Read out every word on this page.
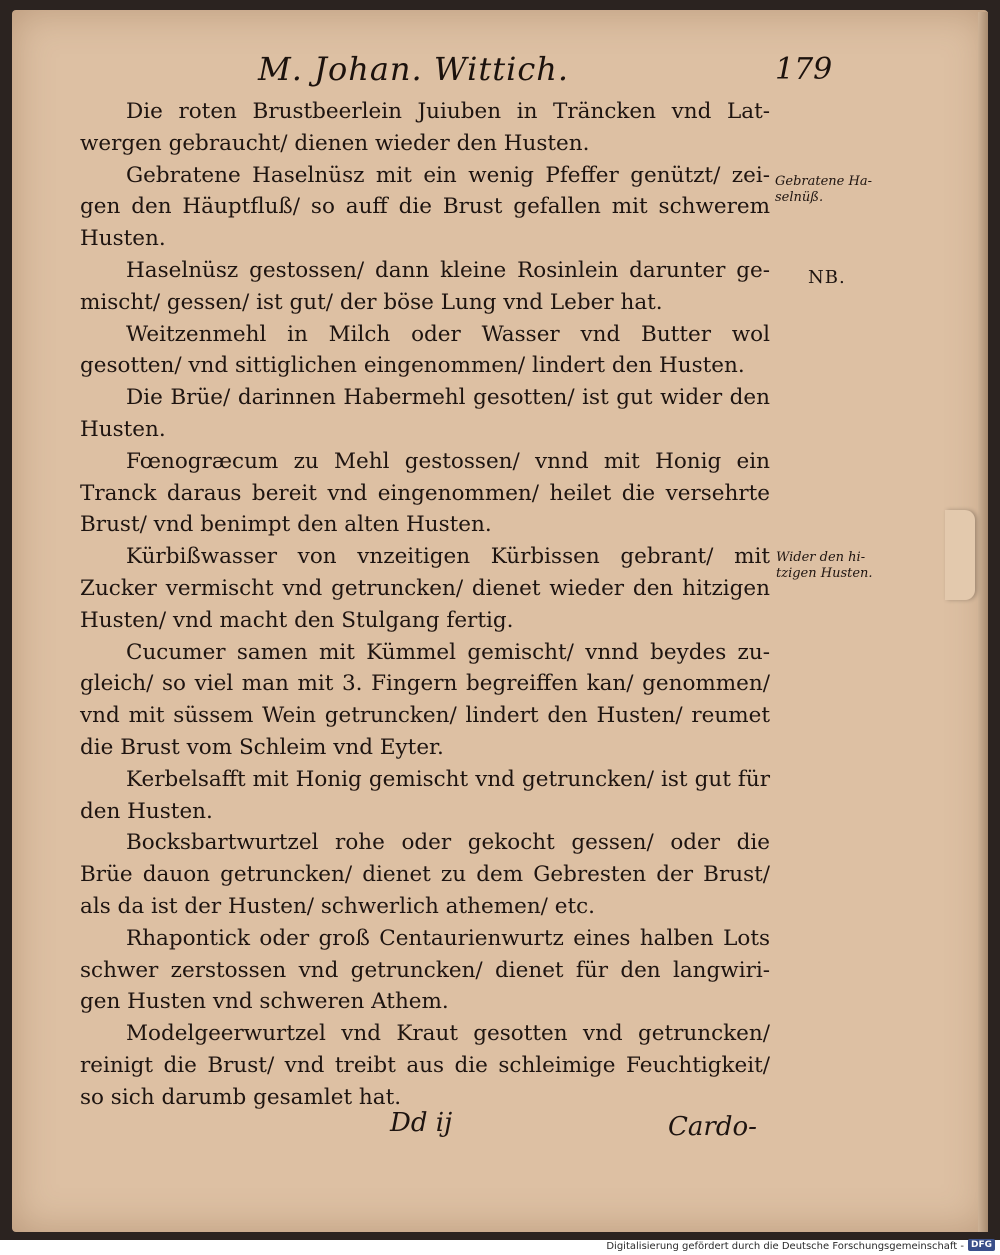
M. Johan. Wittich.	179

Die roten Brustbeerlein Juiuben in Träncken vnd Lat- wergen gebraucht/ dienen wieder den Husten.

Gebratene Haselnüsz mit ein wenig Pfeffer genützt/ zei- gen den Häuptfluß/ so auff die Brust gefallen mit schwerem Husten.

Haselnüsz gestossen/ dann kleine Rosinlein darunter ge- mischt/ gessen/ ist gut/ der böse Lung vnd Leber hat.

Weitzenmehl in Milch oder Wasser vnd Butter wol gesotten/ vnd sittiglichen eingenommen/ lindert den Husten.

Die Brüe/ darinnen Habermehl gesotten/ ist gut wider den Husten.

Fœnogræcum zu Mehl gestossen/ vnnd mit Honig ein Tranck daraus bereit vnd eingenommen/ heilet die versehrte Brust/ vnd benimpt den alten Husten.

Kürbißwasser von vnzeitigen Kürbissen gebrant/ mit Zucker vermischt vnd getruncken/ dienet wieder den hitzigen Husten/ vnd macht den Stulgang fertig.

Cucumer samen mit Kümmel gemischt/ vnnd beydes zu- gleich/ so viel man mit 3. Fingern begreiffen kan/ genommen/ vnd mit süssem Wein getruncken/ lindert den Husten/ reumet die Brust vom Schleim vnd Eyter.

Kerbelsafft mit Honig gemischt vnd getruncken/ ist gut für den Husten.

Bocksbartwurtzel rohe oder gekocht gessen/ oder die Brüe dauon getruncken/ dienet zu dem Gebresten der Brust/ als da ist der Husten/ schwerlich athemen/ etc.

Rhapontick oder groß Centaurienwurtz eines halben Lots schwer zerstossen vnd getruncken/ dienet für den langwiri- gen Husten vnd schweren Athem.

Modelgeerwurtzel vnd Kraut gesotten vnd getruncken/ reinigt die Brust/ vnd treibt aus die schleimige Feuchtigkeit/ so sich darumb gesamlet hat.

Gebratene Ha- selnüß.
NB.
Wider den hi- tzigen Husten.
Dd ij	Cardo-
Digitalisierung gefördert durch die Deutsche Forschungsgemeinschaft - DFG
